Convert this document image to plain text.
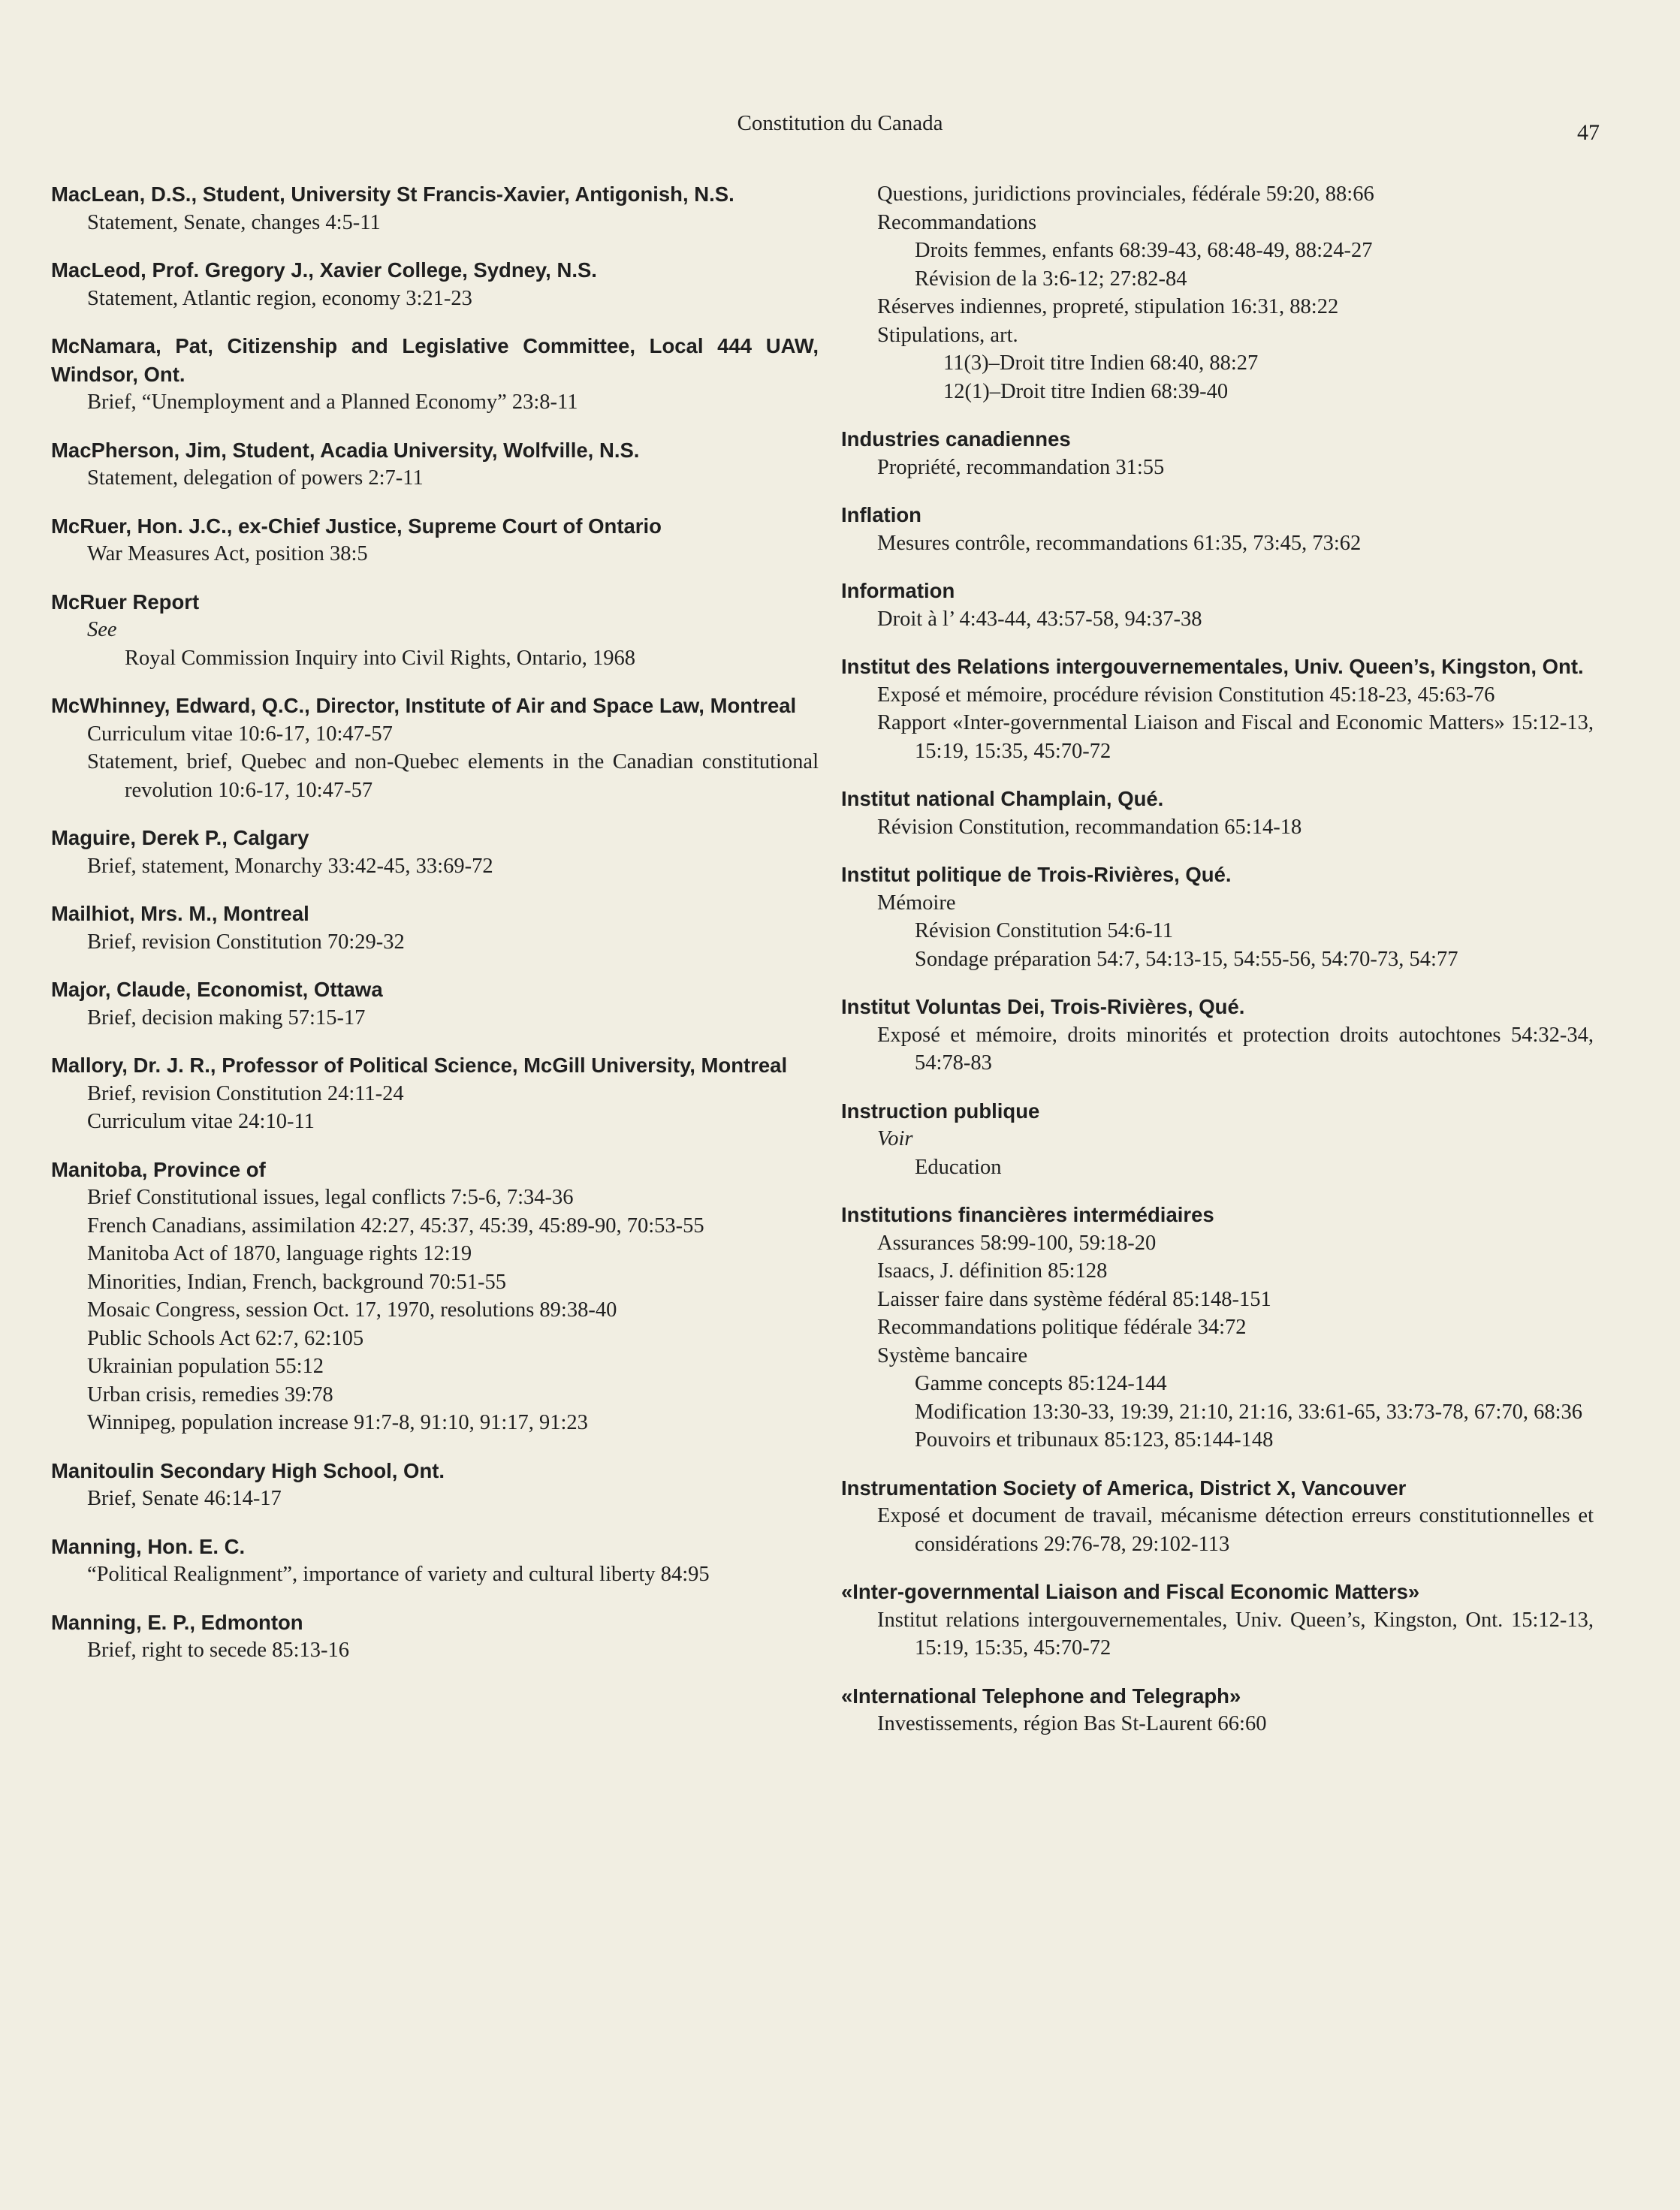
Constitution du Canada	47
MacLean, D.S., Student, University St Francis-Xavier, Antigonish, N.S.
Statement, Senate, changes 4:5-11
MacLeod, Prof. Gregory J., Xavier College, Sydney, N.S.
Statement, Atlantic region, economy 3:21-23
McNamara, Pat, Citizenship and Legislative Committee, Local 444 UAW, Windsor, Ont.
Brief, “Unemployment and a Planned Economy” 23:8-11
MacPherson, Jim, Student, Acadia University, Wolfville, N.S.
Statement, delegation of powers 2:7-11
McRuer, Hon. J.C., ex-Chief Justice, Supreme Court of Ontario
War Measures Act, position 38:5
McRuer Report
See
Royal Commission Inquiry into Civil Rights, Ontario, 1968
McWhinney, Edward, Q.C., Director, Institute of Air and Space Law, Montreal
Curriculum vitae 10:6-17, 10:47-57
Statement, brief, Quebec and non-Quebec elements in the Canadian constitutional revolution 10:6-17, 10:47-57
Maguire, Derek P., Calgary
Brief, statement, Monarchy 33:42-45, 33:69-72
Mailhiot, Mrs. M., Montreal
Brief, revision Constitution 70:29-32
Major, Claude, Economist, Ottawa
Brief, decision making 57:15-17
Mallory, Dr. J. R., Professor of Political Science, McGill University, Montreal
Brief, revision Constitution 24:11-24
Curriculum vitae 24:10-11
Manitoba, Province of
Brief Constitutional issues, legal conflicts 7:5-6, 7:34-36
French Canadians, assimilation 42:27, 45:37, 45:39, 45:89-90, 70:53-55
Manitoba Act of 1870, language rights 12:19
Minorities, Indian, French, background 70:51-55
Mosaic Congress, session Oct. 17, 1970, resolutions 89:38-40
Public Schools Act 62:7, 62:105
Ukrainian population 55:12
Urban crisis, remedies 39:78
Winnipeg, population increase 91:7-8, 91:10, 91:17, 91:23
Manitoulin Secondary High School, Ont.
Brief, Senate 46:14-17
Manning, Hon. E. C.
“Political Realignment”, importance of variety and cultural liberty 84:95
Manning, E. P., Edmonton
Brief, right to secede 85:13-16
Questions, juridictions provinciales, fédérale 59:20, 88:66
Recommandations
Droits femmes, enfants 68:39-43, 68:48-49, 88:24-27
Révision de la 3:6-12; 27:82-84
Réserves indiennes, propreté, stipulation 16:31, 88:22
Stipulations, art.
11(3)–Droit titre Indien 68:40, 88:27
12(1)–Droit titre Indien 68:39-40
Industries canadiennes
Propriété, recommandation 31:55
Inflation
Mesures contrôle, recommandations 61:35, 73:45, 73:62
Information
Droit à l’ 4:43-44, 43:57-58, 94:37-38
Institut des Relations intergouvernementales, Univ. Queen’s, Kingston, Ont.
Exposé et mémoire, procédure révision Constitution 45:18-23, 45:63-76
Rapport «Inter-governmental Liaison and Fiscal and Economic Matters» 15:12-13, 15:19, 15:35, 45:70-72
Institut national Champlain, Qué.
Révision Constitution, recommandation 65:14-18
Institut politique de Trois-Rivières, Qué.
Mémoire
Révision Constitution 54:6-11
Sondage préparation 54:7, 54:13-15, 54:55-56, 54:70-73, 54:77
Institut Voluntas Dei, Trois-Rivières, Qué.
Exposé et mémoire, droits minorités et protection droits autochtones 54:32-34, 54:78-83
Instruction publique
Voir
Education
Institutions financières intermédiaires
Assurances 58:99-100, 59:18-20
Isaacs, J. définition 85:128
Laisser faire dans système fédéral 85:148-151
Recommandations politique fédérale 34:72
Système bancaire
Gamme concepts 85:124-144
Modification 13:30-33, 19:39, 21:10, 21:16, 33:61-65, 33:73-78, 67:70, 68:36
Pouvoirs et tribunaux 85:123, 85:144-148
Instrumentation Society of America, District X, Vancouver
Exposé et document de travail, mécanisme détection erreurs constitutionnelles et considérations 29:76-78, 29:102-113
«Inter-governmental Liaison and Fiscal Economic Matters»
Institut relations intergouvernementales, Univ. Queen’s, Kingston, Ont. 15:12-13, 15:19, 15:35, 45:70-72
«International Telephone and Telegraph»
Investissements, région Bas St-Laurent 66:60
